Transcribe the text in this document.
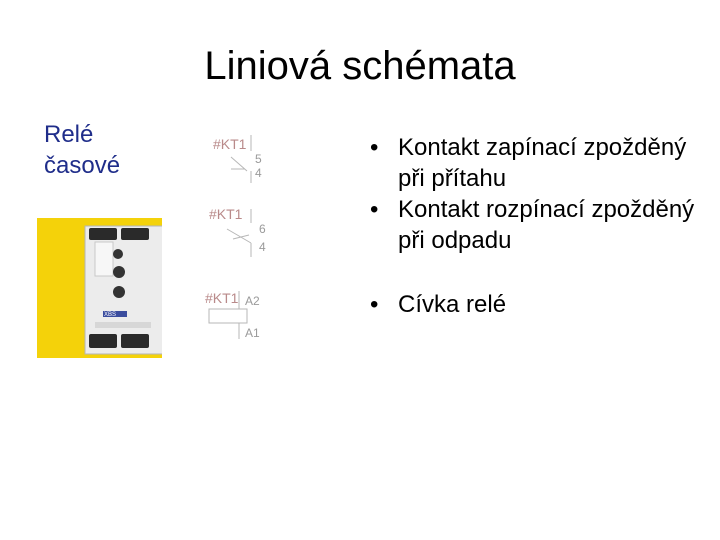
Liniová schémata
Relé
časové
XBS
#KT1
5
4
#KT1
6
4
#KT1 A2
A1
• Kontakt zapínací zpožděný při přítahu
• Kontakt rozpínací zpožděný při odpadu
• Cívka relé
